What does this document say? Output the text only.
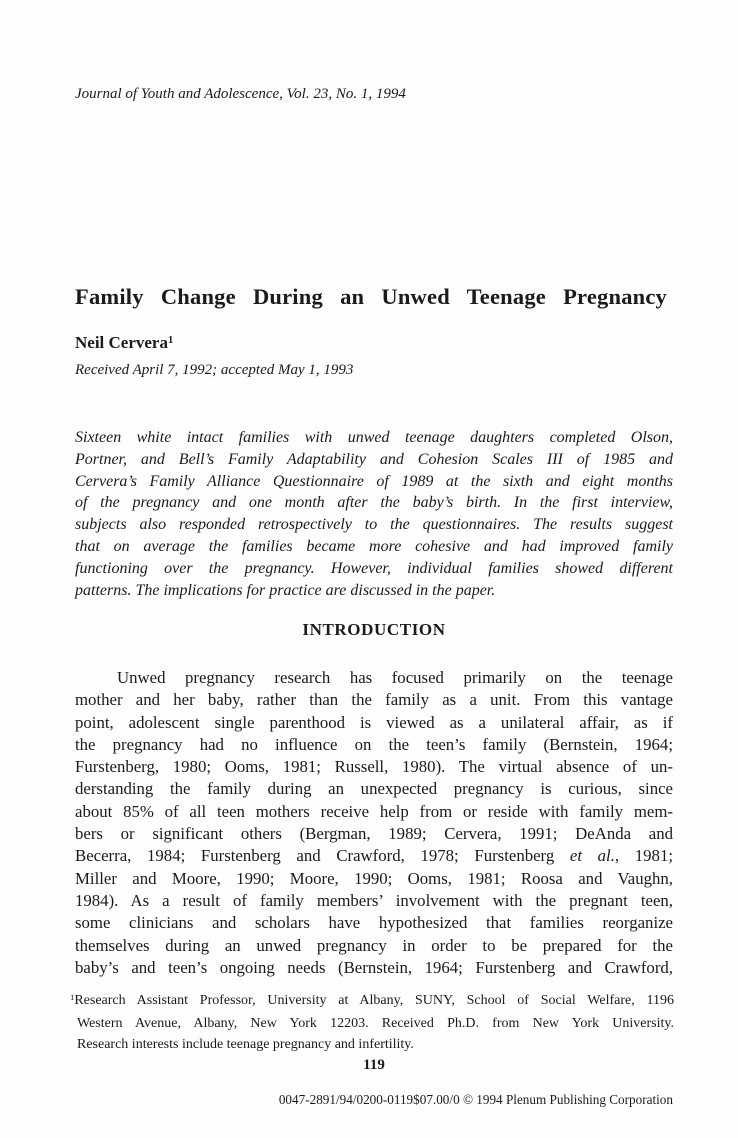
Journal of Youth and Adolescence, Vol. 23, No. 1, 1994
Family Change During an Unwed Teenage Pregnancy
Neil Cervera$^1$
Received April 7, 1992; accepted May 1, 1993
Sixteen white intact families with unwed teenage daughters completed Olson,
Portner, and Bell’s Family Adaptability and Cohesion Scales III of 1985 and
Cervera’s Family Alliance Questionnaire of 1989 at the sixth and eight months
of the pregnancy and one month after the baby’s birth. In the first interview,
subjects also responded retrospectively to the questionnaires. The results suggest
that on average the families became more cohesive and had improved family
functioning over the pregnancy. However, individual families showed different
patterns. The implications for practice are discussed in the paper.
INTRODUCTION
Unwed pregnancy research has focused primarily on the teenage
mother and her baby, rather than the family as a unit. From this vantage
point, adolescent single parenthood is viewed as a unilateral affair, as if
the pregnancy had no influence on the teen’s family (Bernstein, 1964;
Furstenberg, 1980; Ooms, 1981; Russell, 1980). The virtual absence of un-
derstanding the family during an unexpected pregnancy is curious, since
about 85% of all teen mothers receive help from or reside with family mem-
bers or significant others (Bergman, 1989; Cervera, 1991; DeAnda and
Becerra, 1984; Furstenberg and Crawford, 1978; Furstenberg et al., 1981;
Miller and Moore, 1990; Moore, 1990; Ooms, 1981; Roosa and Vaughn,
1984). As a result of family members’ involvement with the pregnant teen,
some clinicians and scholars have hypothesized that families reorganize
themselves during an unwed pregnancy in order to be prepared for the
baby’s and teen’s ongoing needs (Bernstein, 1964; Furstenberg and Crawford,
$^1$Research Assistant Professor, University at Albany, SUNY, School of Social Welfare, 1196
Western Avenue, Albany, New York 12203. Received Ph.D. from New York University.
Research interests include teenage pregnancy and infertility.
119
0047-2891/94/0200-0119$07.00/0 © 1994 Plenum Publishing Corporation
